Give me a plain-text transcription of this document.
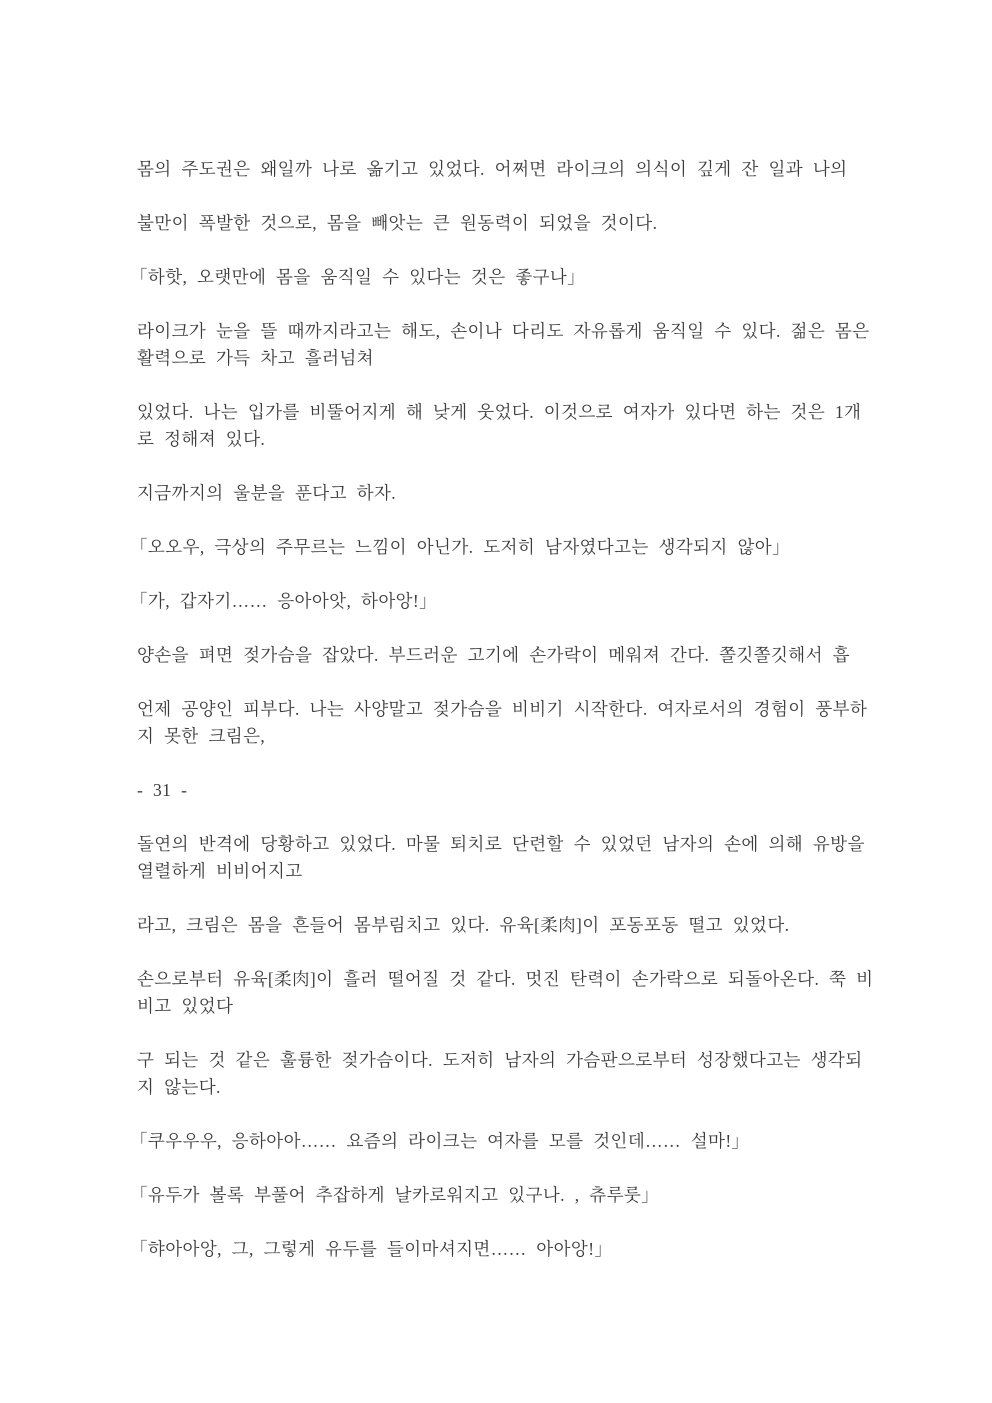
몸의 주도권은 왜일까 나로 옮기고 있었다. 어쩌면 라이크의 의식이 깊게 잔 일과 나의

불만이 폭발한 것으로, 몸을 빼앗는 큰 원동력이 되었을 것이다.

「하핫, 오랫만에 몸을 움직일 수 있다는 것은 좋구나」

라이크가 눈을 뜰 때까지라고는 해도, 손이나 다리도 자유롭게 움직일 수 있다. 젊은 몸은 활력으로 가득 차고 흘러넘쳐

있었다. 나는 입가를 비뚤어지게 해 낮게 웃었다. 이것으로 여자가 있다면 하는 것은 1개로 정해져 있다.

지금까지의 울분을 푼다고 하자.

「오오우, 극상의 주무르는 느낌이 아닌가. 도저히 남자였다고는 생각되지 않아」

「가, 갑자기…… 응아아앗, 하아앙!」

양손을 펴면 젖가슴을 잡았다. 부드러운 고기에 손가락이 메워져 간다. 쫄깃쫄깃해서 흡

언제 공양인 피부다. 나는 사양말고 젖가슴을 비비기 시작한다. 여자로서의 경험이 풍부하지 못한 크림은,

- 31 -

돌연의 반격에 당황하고 있었다. 마물 퇴치로 단련할 수 있었던 남자의 손에 의해 유방을 열렬하게 비비어지고

라고, 크림은 몸을 흔들어 몸부림치고 있다. 유육[柔肉]이 포동포동 떨고 있었다.

손으로부터 유육[柔肉]이 흘러 떨어질 것 같다. 멋진 탄력이 손가락으로 되돌아온다. 쭉 비비고 있었다

구 되는 것 같은 훌륭한 젖가슴이다. 도저히 남자의 가슴판으로부터 성장했다고는 생각되지 않는다.

「쿠우우우, 응하아아…… 요즘의 라이크는 여자를 모를 것인데…… 설마!」

「유두가 볼록 부풀어 추잡하게 날카로워지고 있구나. , 츄루룻」

「햐아아앙, 그, 그렇게 유두를 들이마셔지면…… 아아앙!」
